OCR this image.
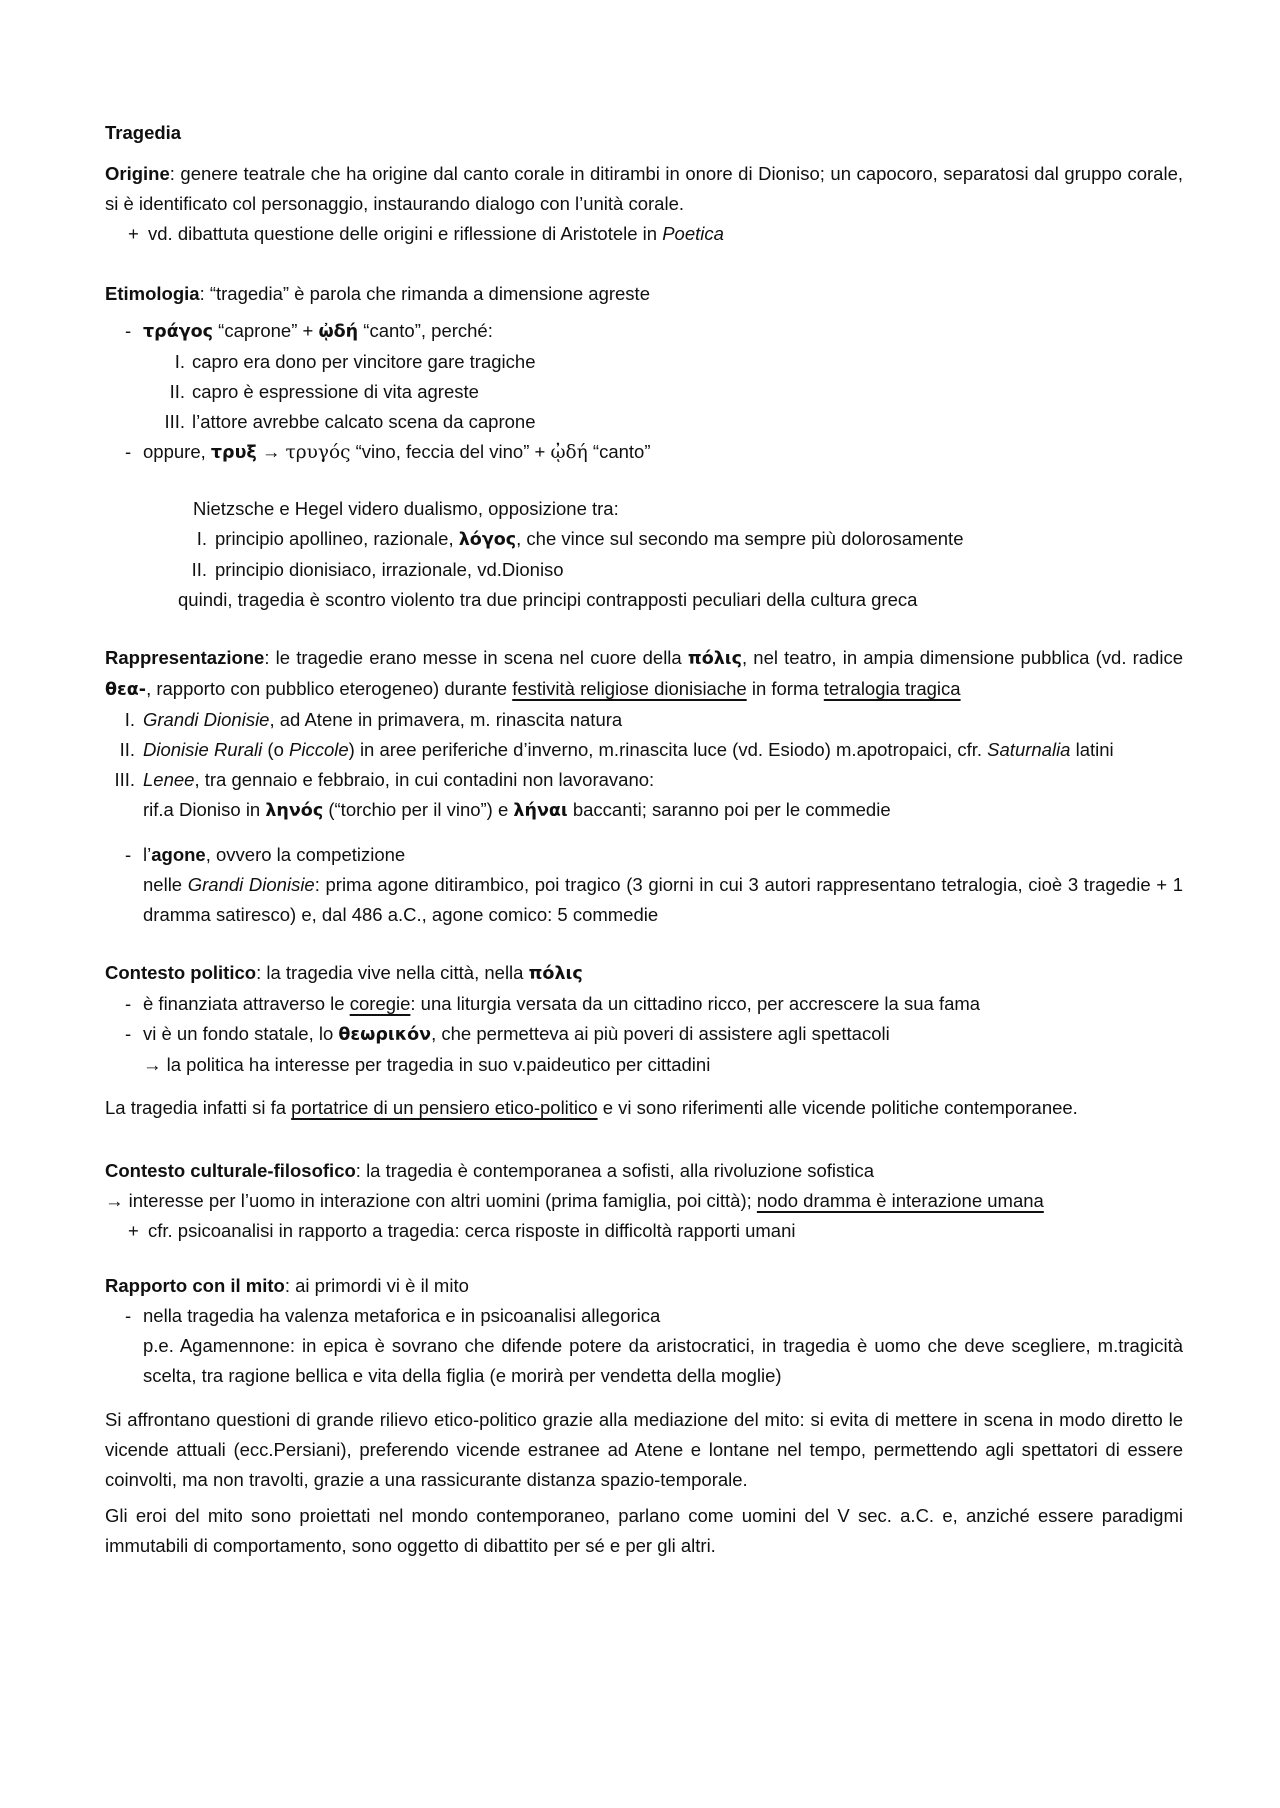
Tragedia
Origine: genere teatrale che ha origine dal canto corale in ditirambi in onore di Dioniso; un capocoro, separatosi dal gruppo corale, si è identificato col personaggio, instaurando dialogo con l’unità corale.
+ vd. dibattuta questione delle origini e riflessione di Aristotele in Poetica
Etimologia: “tragedia” è parola che rimanda a dimensione agreste
- τράγος “caprone” + ᾠδή “canto”, perché:
I. capro era dono per vincitore gare tragiche
II. capro è espressione di vita agreste
III. l’attore avrebbe calcato scena da caprone
- oppure, τρυξ → τρυγός “vino, feccia del vino” + ᾠδή “canto”
Nietzsche e Hegel videro dualismo, opposizione tra:
I. principio apollineo, razionale, λόγος, che vince sul secondo ma sempre più dolorosamente
II. principio dionisiaco, irrazionale, vd.Dioniso
quindi, tragedia è scontro violento tra due principi contrapposti peculiari della cultura greca
Rappresentazione: le tragedie erano messe in scena nel cuore della πόλις, nel teatro, in ampia dimensione pubblica (vd. radice θεα-, rapporto con pubblico eterogeneo) durante festività religiose dionisiache in forma tetralogia tragica
I. Grandi Dionisie, ad Atene in primavera, m. rinascita natura
II. Dionisie Rurali (o Piccole) in aree periferiche d’inverno, m.rinascita luce (vd. Esiodo) m.apotropaici, cfr. Saturnalia latini
III. Lenee, tra gennaio e febbraio, in cui contadini non lavoravano:
rif.a Dioniso in ληνός (“torchio per il vino”) e λήναι baccanti; saranno poi per le commedie
- l’agone, ovvero la competizione
nelle Grandi Dionisie: prima agone ditirambico, poi tragico (3 giorni in cui 3 autori rappresentano tetralogia, cioè 3 tragedie + 1 dramma satiresco) e, dal 486 a.C., agone comico: 5 commedie
Contesto politico: la tragedia vive nella città, nella πόλις
- è finanziata attraverso le coregie: una liturgia versata da un cittadino ricco, per accrescere la sua fama
- vi è un fondo statale, lo θεωρικόν, che permetteva ai più poveri di assistere agli spettacoli
→ la politica ha interesse per tragedia in suo v.paideutico per cittadini
La tragedia infatti si fa portatrice di un pensiero etico-politico e vi sono riferimenti alle vicende politiche contemporanee.
Contesto culturale-filosofico: la tragedia è contemporanea a sofisti, alla rivoluzione sofistica
→ interesse per l’uomo in interazione con altri uomini (prima famiglia, poi città); nodo dramma è interazione umana
+ cfr. psicoanalisi in rapporto a tragedia: cerca risposte in difficoltà rapporti umani
Rapporto con il mito: ai primordi vi è il mito
- nella tragedia ha valenza metaforica e in psicoanalisi allegorica
p.e. Agamennone: in epica è sovrano che difende potere da aristocratici, in tragedia è uomo che deve scegliere, m.tragicità scelta, tra ragione bellica e vita della figlia (e morirà per vendetta della moglie)
Si affrontano questioni di grande rilievo etico-politico grazie alla mediazione del mito: si evita di mettere in scena in modo diretto le vicende attuali (ecc.Persiani), preferendo vicende estranee ad Atene e lontane nel tempo, permettendo agli spettatori di essere coinvolti, ma non travolti, grazie a una rassicurante distanza spazio-temporale.
Gli eroi del mito sono proiettati nel mondo contemporaneo, parlano come uomini del V sec. a.C. e, anziché essere paradigmi immutabili di comportamento, sono oggetto di dibattito per sé e per gli altri.
